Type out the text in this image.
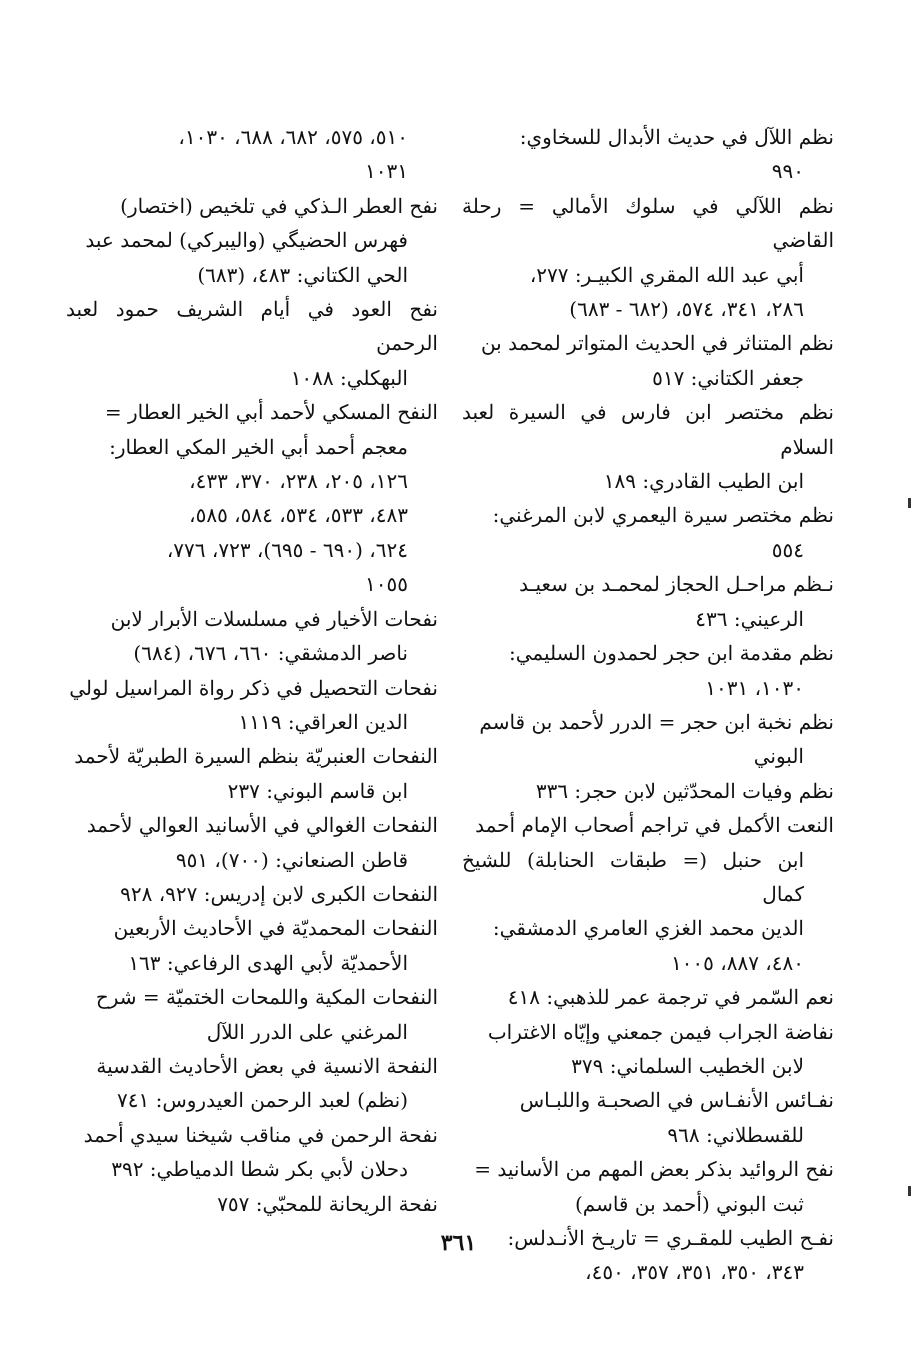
نظم اللآل في حديث الأبدال للسخاوي:
٩٩٠
نظم اللآلي في سلوك الأمالي = رحلة القاضي
أبي عبد الله المقري الكبيـر: ٢٧٧،
٢٨٦، ٣٤١، ٥٧٤، (٦٨٢ - ٦٨٣)
نظم المتناثر في الحديث المتواتر لمحمد بن
جعفر الكتاني: ٥١٧
نظم مختصر ابن فارس في السيرة لعبد السلام
ابن الطيب القادري: ١٨٩
نظم مختصر سيرة اليعمري لابن المرغني:
٥٥٤
نـظم مراحـل الحجاز لمحمـد بن سعيـد
الرعيني: ٤٣٦
نظم مقدمة ابن حجر لحمدون السليمي:
١٠٣٠، ١٠٣١
نظم نخبة ابن حجر = الدرر لأحمد بن قاسم
البوني
نظم وفيات المحدّثين لابن حجر: ٣٣٦
النعت الأكمل في تراجم أصحاب الإمام أحمد
ابن حنبل (= طبقات الحنابلة) للشيخ كمال
الدين محمد الغزي العامري الدمشقي:
٤٨٠، ٨٨٧، ١٠٠٥
نعم السّمر في ترجمة عمر للذهبي: ٤١٨
نفاضة الجراب فيمن جمعني وإيّاه الاغتراب
لابن الخطيب السلماني: ٣٧٩
نفـائس الأنفـاس في الصحبـة واللبـاس
للقسطلاني: ٩٦٨
نفح الروائيد بذكر بعض المهم من الأسانيد =
ثبت البوني (أحمد بن قاسم)
نفـح الطيب للمقـري = تاريـخ الأنـدلس:
٣٤٣، ٣٥٠، ٣٥١، ٣٥٧، ٤٥٠،
٥١٠، ٥٧٥، ٦٨٢، ٦٨٨، ١٠٣٠،
١٠٣١
نفح العطر الـذكي في تلخيص (اختصار)
فهرس الحضيگي (واليبركي) لمحمد عبد
الحي الكتاني: ٤٨٣، (٦٨٣)
نفح العود في أيام الشريف حمود لعبد الرحمن
البهكلي: ١٠٨٨
النفح المسكي لأحمد أبي الخير العطار =
معجم أحمد أبي الخير المكي العطار:
١٢٦، ٢٠٥، ٢٣٨، ٣٧٠، ٤٣٣،
٤٨٣، ٥٣٣، ٥٣٤، ٥٨٤، ٥٨٥،
٦٢٤، (٦٩٠ - ٦٩٥)، ٧٢٣، ٧٧٦،
١٠٥٥
نفحات الأخيار في مسلسلات الأبرار لابن
ناصر الدمشقي: ٦٦٠، ٦٧٦، (٦٨٤)
نفحات التحصيل في ذكر رواة المراسيل لولي
الدين العراقي: ١١١٩
النفحات العنبريّة بنظم السيرة الطبريّة لأحمد
ابن قاسم البوني: ٢٣٧
النفحات الغوالي في الأسانيد العوالي لأحمد
قاطن الصنعاني: (٧٠٠)، ٩٥١
النفحات الكبرى لابن إدريس: ٩٢٧، ٩٢٨
النفحات المحمديّة في الأحاديث الأربعين
الأحمديّة لأبي الهدى الرفاعي: ١٦٣
النفحات المكية واللمحات الختميّة = شرح
المرغني على الدرر اللآل
النفحة الانسية في بعض الأحاديث القدسية
(نظم) لعبد الرحمن العيدروس: ٧٤١
نفحة الرحمن في مناقب شيخنا سيدي أحمد
دحلان لأبي بكر شطا الدمياطي: ٣٩٢
نفحة الريحانة للمحبّي: ٧٥٧
٣٦١
